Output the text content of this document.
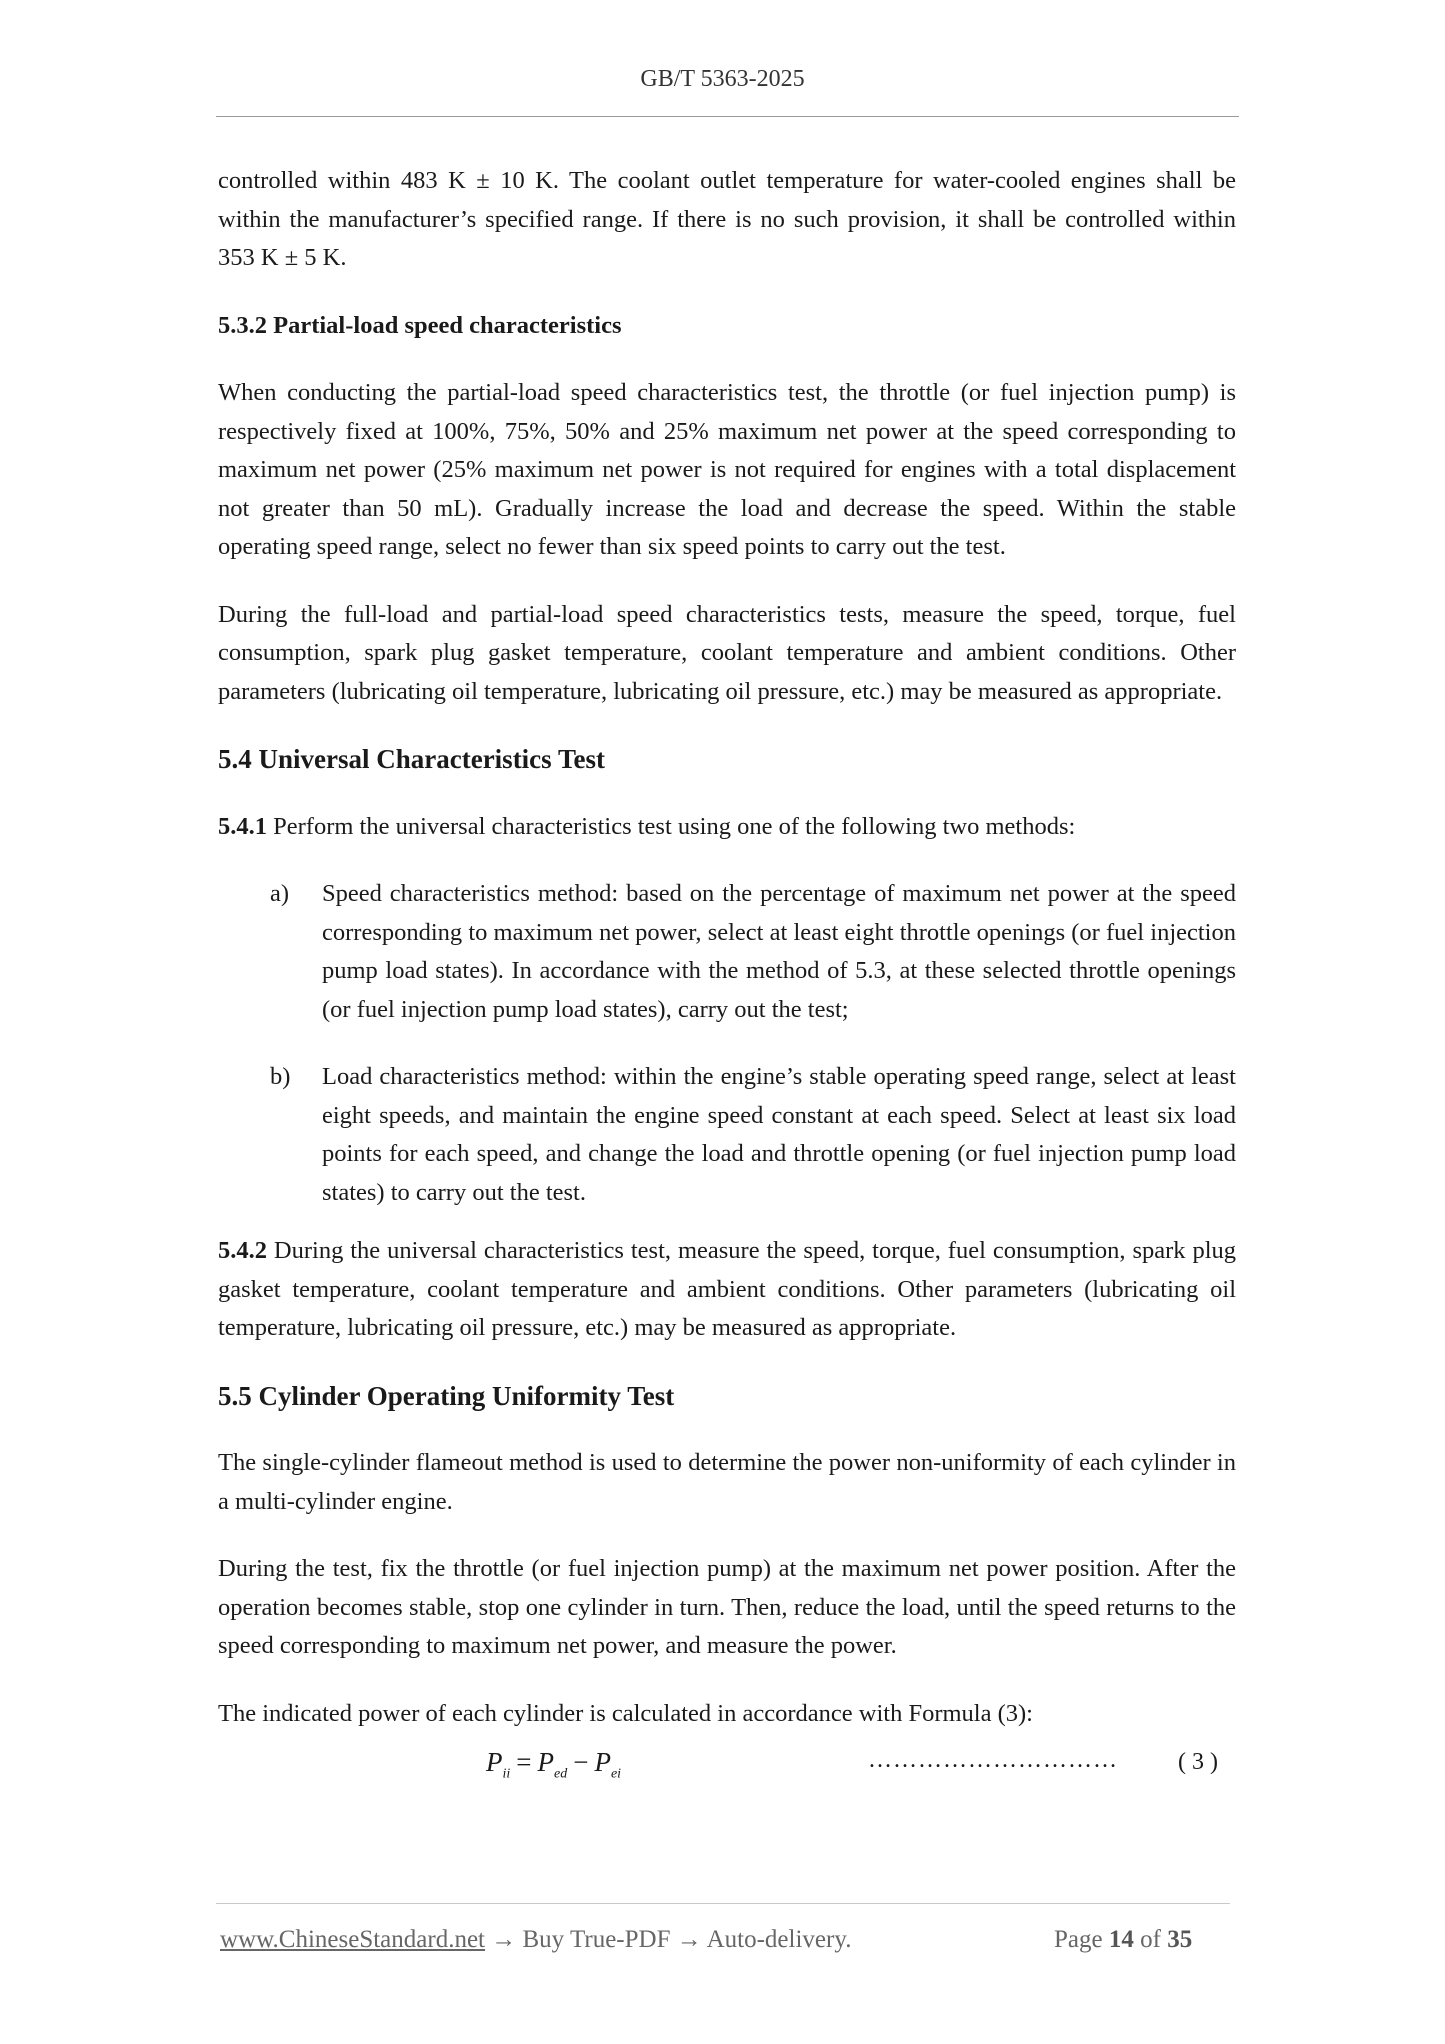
GB/T 5363-2025

controlled within 483 K ± 10 K. The coolant outlet temperature for water-cooled engines shall be within the manufacturer’s specified range. If there is no such provision, it shall be controlled within 353 K ± 5 K.

5.3.2 Partial-load speed characteristics

When conducting the partial-load speed characteristics test, the throttle (or fuel injection pump) is respectively fixed at 100%, 75%, 50% and 25% maximum net power at the speed corresponding to maximum net power (25% maximum net power is not required for engines with a total displacement not greater than 50 mL). Gradually increase the load and decrease the speed. Within the stable operating speed range, select no fewer than six speed points to carry out the test.

During the full-load and partial-load speed characteristics tests, measure the speed, torque, fuel consumption, spark plug gasket temperature, coolant temperature and ambient conditions. Other parameters (lubricating oil temperature, lubricating oil pressure, etc.) may be measured as appropriate.

5.4 Universal Characteristics Test

5.4.1 Perform the universal characteristics test using one of the following two methods:

a) Speed characteristics method: based on the percentage of maximum net power at the speed corresponding to maximum net power, select at least eight throttle openings (or fuel injection pump load states). In accordance with the method of 5.3, at these selected throttle openings (or fuel injection pump load states), carry out the test;

b) Load characteristics method: within the engine’s stable operating speed range, select at least eight speeds, and maintain the engine speed constant at each speed. Select at least six load points for each speed, and change the load and throttle opening (or fuel injection pump load states) to carry out the test.

5.4.2 During the universal characteristics test, measure the speed, torque, fuel consumption, spark plug gasket temperature, coolant temperature and ambient conditions. Other parameters (lubricating oil temperature, lubricating oil pressure, etc.) may be measured as appropriate.

5.5 Cylinder Operating Uniformity Test

The single-cylinder flameout method is used to determine the power non-uniformity of each cylinder in a multi-cylinder engine.

During the test, fix the throttle (or fuel injection pump) at the maximum net power position. After the operation becomes stable, stop one cylinder in turn. Then, reduce the load, until the speed returns to the speed corresponding to maximum net power, and measure the power.

The indicated power of each cylinder is calculated in accordance with Formula (3):

$P_{ii} = P_{ed} - P_{ei}$
…………………………	( 3 )
www.ChineseStandard.net → Buy True-PDF → Auto-delivery.	Page 14 of 35
